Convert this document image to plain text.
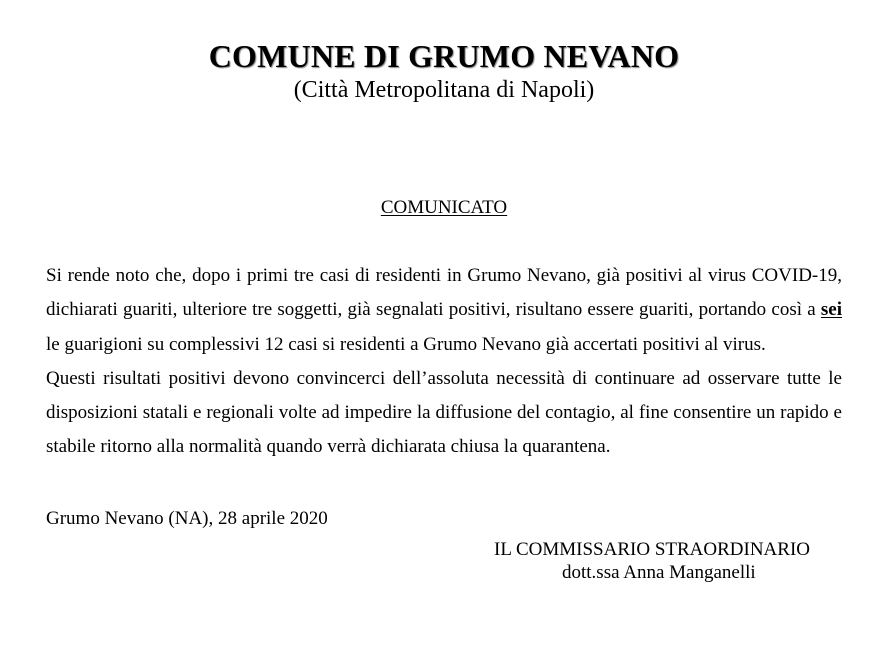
COMUNE DI GRUMO NEVANO
(Città Metropolitana di Napoli)
COMUNICATO

Si rende noto che, dopo i primi tre casi di residenti in Grumo Nevano, già positivi al virus COVID-19, dichiarati guariti, ulteriore tre soggetti, già segnalati positivi, risultano essere guariti, portando così a sei le guarigioni su complessivi 12 casi si residenti a Grumo Nevano già accertati positivi al virus.

Questi risultati positivi devono convincerci dell’assoluta necessità di continuare ad osservare tutte le disposizioni statali e regionali volte ad impedire la diffusione del contagio, al fine consentire un rapido e stabile ritorno alla normalità quando verrà dichiarata chiusa la quarantena.

Grumo Nevano (NA), 28 aprile 2020
IL COMMISSARIO STRAORDINARIO
dott.ssa Anna Manganelli
